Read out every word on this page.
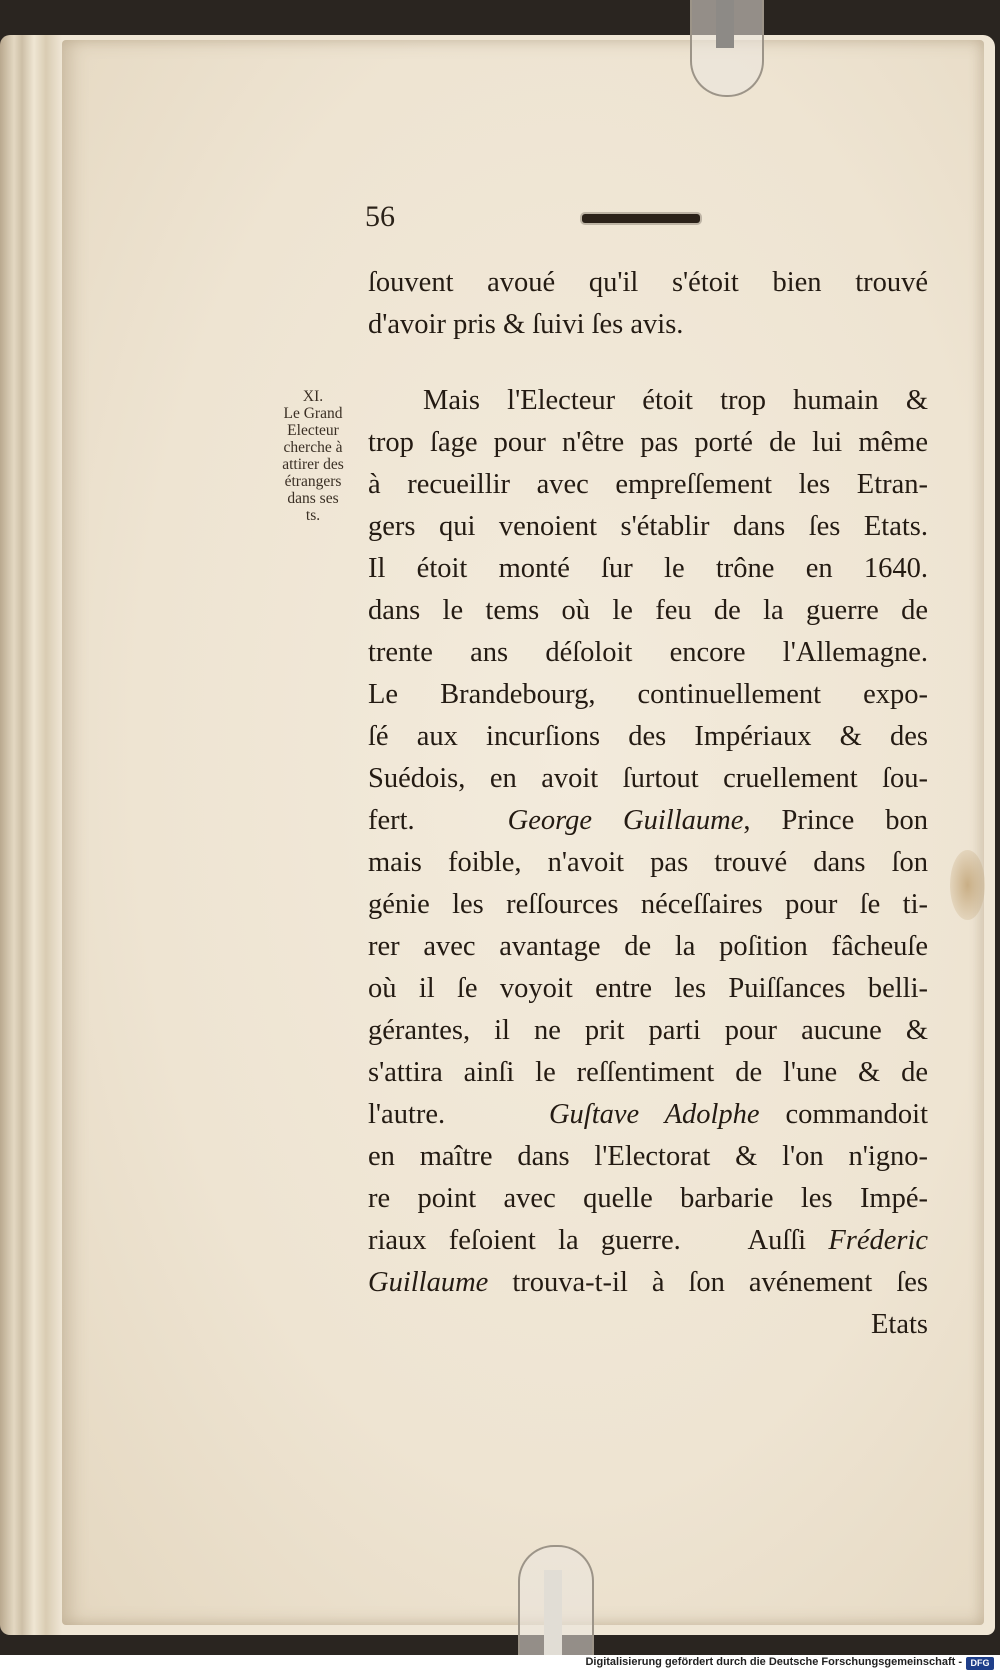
56
XI.
Le Grand
Electeur
cherche à
attirer des
étrangers
dans ses
ts.
ſouvent avoué qu'il s'étoit bien trouvé
d'avoir pris & ſuivi ſes avis.
Mais l'Electeur étoit trop humain &
trop ſage pour n'être pas porté de lui même
à recueillir avec empreſſement les Etran-
gers qui venoient s'établir dans ſes Etats.
Il étoit monté ſur le trône en 1640.
dans le tems où le feu de la guerre de
trente ans déſoloit encore l'Allemagne.
Le Brandebourg, continuellement expo-
ſé aux incurſions des Impériaux & des
Suédois, en avoit ſurtout cruellement ſou-
fert.	George Guillaume, Prince bon
mais foible, n'avoit pas trouvé dans ſon
génie les reſſources néceſſaires pour ſe ti-
rer avec avantage de la poſition fâcheuſe
où il ſe voyoit entre les Puiſſances belli-
gérantes, il ne prit parti pour aucune &
s'attira ainſi le reſſentiment de l'une & de
l'autre.	Guſtave Adolphe commandoit
en maître dans l'Electorat & l'on n'igno-
re point avec quelle barbarie les Impé-
riaux feſoient la guerre. Auſſi Fréderic
Guillaume trouva-t-il à ſon avénement ſes
Etats
Digitalisierung gefördert durch die Deutsche Forschungsgemeinschaft - DFG
